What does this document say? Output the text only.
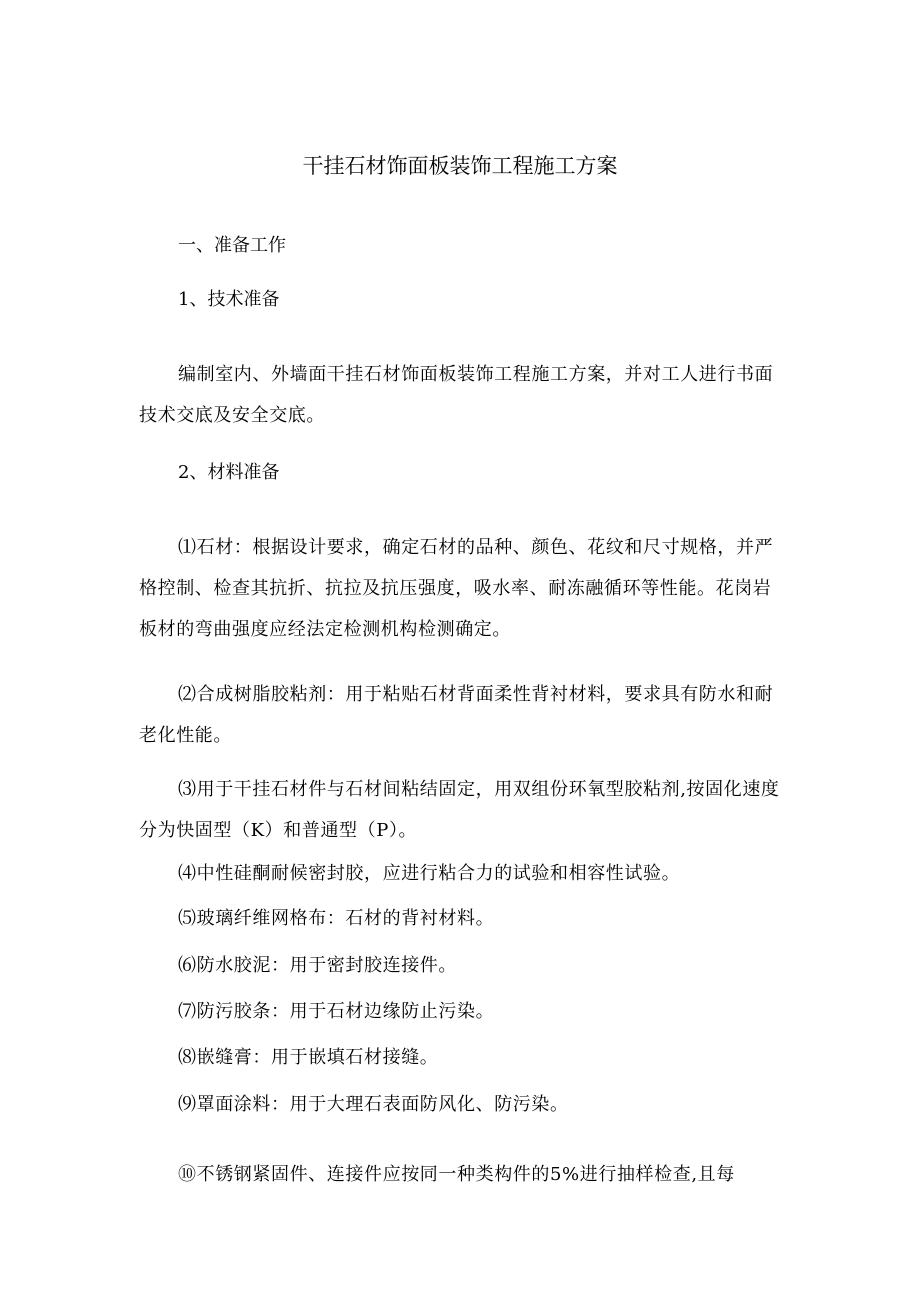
干挂石材饰面板装饰工程施工方案
一、准备工作
1、技术准备

编制室内、外墙面干挂石材饰面板装饰工程施工方案，并对工人进行书面技术交底及安全交底。

2、材料准备

⑴石材：根据设计要求，确定石材的品种、颜色、花纹和尺寸规格，并严格控制、检查其抗折、抗拉及抗压强度，吸水率、耐冻融循环等性能。花岗岩板材的弯曲强度应经法定检测机构检测确定。

⑵合成树脂胶粘剂：用于粘贴石材背面柔性背衬材料，要求具有防水和耐老化性能。

⑶用于干挂石材件与石材间粘结固定，用双组份环氧型胶粘剂,按固化速度分为快固型（K）和普通型（P）。

⑷中性硅酮耐候密封胶，应进行粘合力的试验和相容性试验。
⑸玻璃纤维网格布：石材的背衬材料。
⑹防水胶泥：用于密封胶连接件。
⑺防污胶条：用于石材边缘防止污染。
⑻嵌缝膏：用于嵌填石材接缝。
⑼罩面涂料：用于大理石表面防风化、防污染。
⑩不锈钢紧固件、连接件应按同一种类构件的5%进行抽样检查,且每
